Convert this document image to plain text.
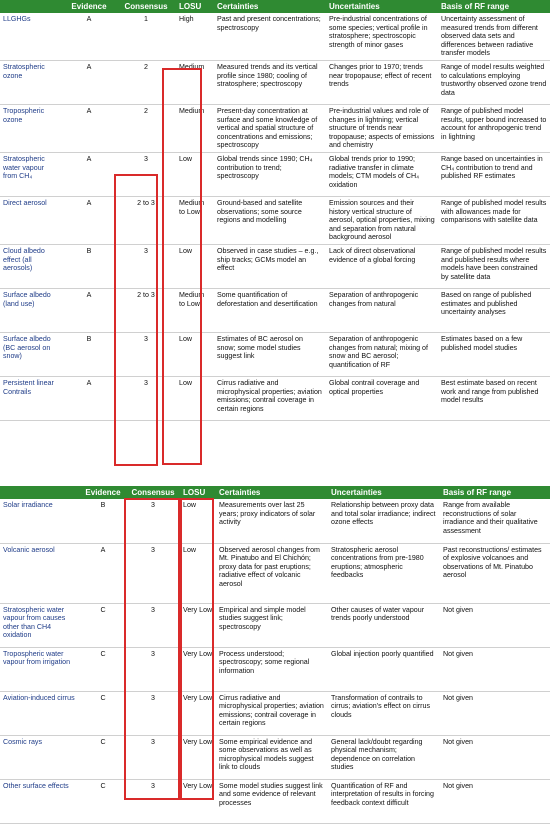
	Evidence	Consensus	LOSU	Certainties	Uncertainties	Basis of RF range
LLGHGs	A	1	High	Past and present concentrations; spectroscopy	Pre-industrial concentrations of some species; vertical profile in stratosphere; spectroscopic strength of minor gases	Uncertainty assessment of measured trends from different observed data sets and differences between radiative transfer models
Stratospheric ozone	A	2	Medium	Measured trends and its vertical profile since 1980; cooling of stratosphere; spectroscopy	Changes prior to 1970; trends near tropopause; effect of recent trends	Range of model results weighted to calculations employing trustworthy observed ozone trend data
Tropospheric ozone	A	2	Medium	Present-day concentration at surface and some knowledge of vertical and spatial structure of concentrations and emissions; spectroscopy	Pre-industrial values and role of changes in lightning; vertical structure of trends near tropopause; aspects of emissions and chemistry	Range of published model results, upper bound increased to account for anthropogenic trend in lightning
Stratospheric water vapour from CH₄	A	3	Low	Global trends since 1990; CH₄ contribution to trend; spectroscopy	Global trends prior to 1990; radiative transfer in climate models; CTM models of CH₄ oxidation	Range based on uncertainties in CH₄ contribution to trend and published RF estimates
Direct aerosol	A	2 to 3	Medium to Low	Ground-based and satellite observations; some source regions and modelling	Emission sources and their history vertical structure of aerosol, optical properties, mixing and separation from natural background aerosol	Range of published model results with allowances made for comparisons with satellite data
Cloud albedo effect (all aerosols)	B	3	Low	Observed in case studies – e.g., ship tracks; GCMs model an effect	Lack of direct observational evidence of a global forcing	Range of published model results and published results where models have been constrained by satellite data
Surface albedo (land use)	A	2 to 3	Medium to Low	Some quantification of deforestation and desertification	Separation of anthropogenic changes from natural	Based on range of published estimates and published uncertainty analyses
Surface albedo (BC aerosol on snow)	B	3	Low	Estimates of BC aerosol on snow; some model studies suggest link	Separation of anthropogenic changes from natural; mixing of snow and BC aerosol; quantification of RF	Estimates based on a few published model studies
Persistent linear Contrails	A	3	Low	Cirrus radiative and microphysical properties; aviation emissions; contrail coverage in certain regions	Global contrail coverage and optical properties	Best estimate based on recent work and range from published model results
	Evidence	Consensus	LOSU	Certainties	Uncertainties	Basis of RF range
Solar irradiance	B	3	Low	Measurements over last 25 years; proxy indicators of solar activity	Relationship between proxy data and total solar irradiance; indirect ozone effects	Range from available reconstructions of solar irradiance and their qualitative assessment
Volcanic aerosol	A	3	Low	Observed aerosol changes from Mt. Pinatubo and El Chichón; proxy data for past eruptions; radiative effect of volcanic aerosol	Stratospheric aerosol concentrations from pre-1980 eruptions; atmospheric feedbacks	Past reconstructions/ estimates of explosive volcanoes and observations of Mt. Pinatubo aerosol
Stratospheric water vapour from causes other than CH4 oxidation	C	3	Very Low	Empirical and simple model studies suggest link; spectroscopy	Other causes of water vapour trends poorly understood	Not given
Tropospheric water vapour from irrigation	C	3	Very Low	Process understood; spectroscopy; some regional information	Global injection poorly quantified	Not given
Aviation-induced cirrus	C	3	Very Low	Cirrus radiative and microphysical properties; aviation emissions; contrail coverage in certain regions	Transformation of contrails to cirrus; aviation's effect on cirrus clouds	Not given
Cosmic rays	C	3	Very Low	Some empirical evidence and some observations as well as microphysical models suggest link to clouds	General lack/doubt regarding physical mechanism; dependence on correlation studies	Not given
Other surface effects	C	3	Very Low	Some model studies suggest link and some evidence of relevant processes	Quantification of RF and interpretation of results in forcing feedback context difficult	Not given
